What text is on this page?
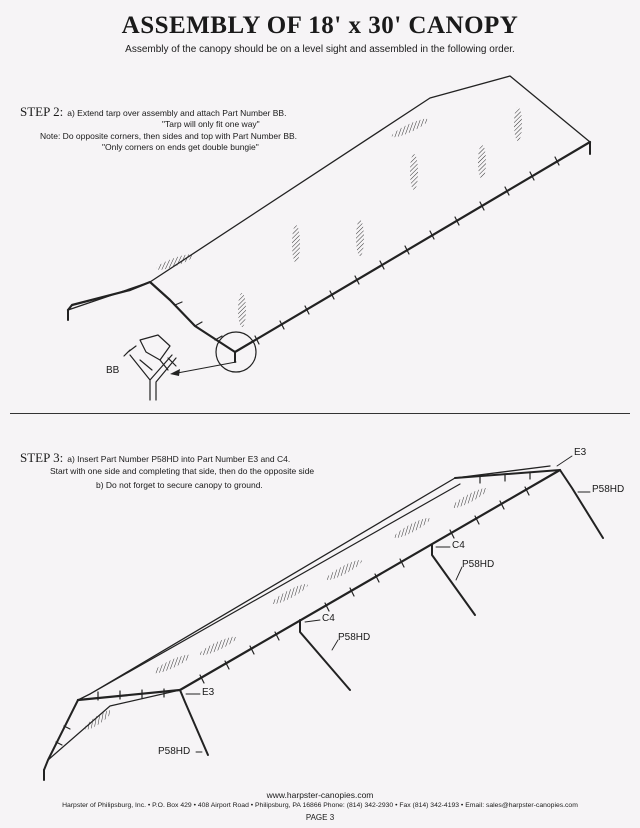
ASSEMBLY OF 18' x 30' CANOPY
Assembly of the canopy should be on a level sight and assembled in the following order.
STEP 2: a) Extend tarp over assembly and attach Part Number BB.
"Tarp will only fit one way"
Note: Do opposite corners, then sides and top with Part Number BB.
"Only corners on ends get double bungie"
STEP 3: a) Insert Part Number P58HD into Part Number E3 and C4.
Start with one side and completing that side, then do the opposite side
b) Do not forget to secure canopy to ground.
BB
E3
P58HD
C4
P58HD
C4
P58HD
E3
P58HD
www.harpster-canopies.com
Harpster of Philipsburg, Inc. • P.O. Box 429 • 408 Airport Road • Philipsburg, PA 16866 Phone: (814) 342-2930 • Fax (814) 342-4193 • Email: sales@harpster-canopies.com
PAGE 3
